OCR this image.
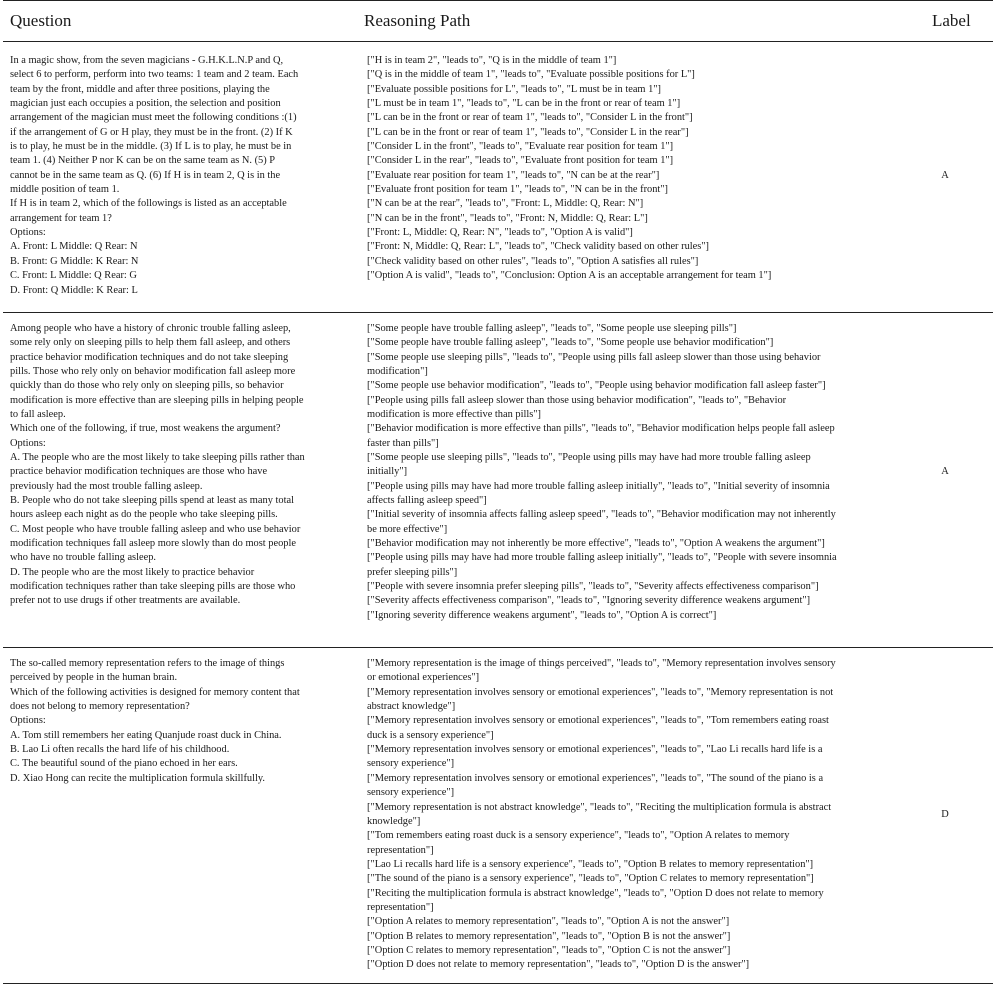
Question	Reasoning Path	Label
In a magic show, from the seven magicians - G.H.K.L.N.P and Q,
select 6 to perform, perform into two teams: 1 team and 2 team. Each
team by the front, middle and after three positions, playing the
magician just each occupies a position, the selection and position
arrangement of the magician must meet the following conditions :(1)
if the arrangement of G or H play, they must be in the front. (2) If K
is to play, he must be in the middle. (3) If L is to play, he must be in
team 1. (4) Neither P nor K can be on the same team as N. (5) P
cannot be in the same team as Q. (6) If H is in team 2, Q is in the
middle position of team 1.
If H is in team 2, which of the followings is listed as an acceptable
arrangement for team 1?
Options:
A. Front: L Middle: Q Rear: N
B. Front: G Middle: K Rear: N
C. Front: L Middle: Q Rear: G
D. Front: Q Middle: K Rear: L
["H is in team 2", "leads to", "Q is in the middle of team 1"]
["Q is in the middle of team 1", "leads to", "Evaluate possible positions for L"]
["Evaluate possible positions for L", "leads to", "L must be in team 1"]
["L must be in team 1", "leads to", "L can be in the front or rear of team 1"]
["L can be in the front or rear of team 1", "leads to", "Consider L in the front"]
["L can be in the front or rear of team 1", "leads to", "Consider L in the rear"]
["Consider L in the front", "leads to", "Evaluate rear position for team 1"]
["Consider L in the rear", "leads to", "Evaluate front position for team 1"]
["Evaluate rear position for team 1", "leads to", "N can be at the rear"]
["Evaluate front position for team 1", "leads to", "N can be in the front"]
["N can be at the rear", "leads to", "Front: L, Middle: Q, Rear: N"]
["N can be in the front", "leads to", "Front: N, Middle: Q, Rear: L"]
["Front: L, Middle: Q, Rear: N", "leads to", "Option A is valid"]
["Front: N, Middle: Q, Rear: L", "leads to", "Check validity based on other rules"]
["Check validity based on other rules", "leads to", "Option A satisfies all rules"]
["Option A is valid", "leads to", "Conclusion: Option A is an acceptable arrangement for team 1"]
A
Among people who have a history of chronic trouble falling asleep,
some rely only on sleeping pills to help them fall asleep, and others
practice behavior modification techniques and do not take sleeping
pills. Those who rely only on behavior modification fall asleep more
quickly than do those who rely only on sleeping pills, so behavior
modification is more effective than are sleeping pills in helping people
to fall asleep.
Which one of the following, if true, most weakens the argument?
Options:
A. The people who are the most likely to take sleeping pills rather than
practice behavior modification techniques are those who have
previously had the most trouble falling asleep.
B. People who do not take sleeping pills spend at least as many total
hours asleep each night as do the people who take sleeping pills.
C. Most people who have trouble falling asleep and who use behavior
modification techniques fall asleep more slowly than do most people
who have no trouble falling asleep.
D. The people who are the most likely to practice behavior
modification techniques rather than take sleeping pills are those who
prefer not to use drugs if other treatments are available.
["Some people have trouble falling asleep", "leads to", "Some people use sleeping pills"]
["Some people have trouble falling asleep", "leads to", "Some people use behavior modification"]
["Some people use sleeping pills", "leads to", "People using pills fall asleep slower than those using behavior
modification"]
["Some people use behavior modification", "leads to", "People using behavior modification fall asleep faster"]
["People using pills fall asleep slower than those using behavior modification", "leads to", "Behavior
modification is more effective than pills"]
["Behavior modification is more effective than pills", "leads to", "Behavior modification helps people fall asleep
faster than pills"]
["Some people use sleeping pills", "leads to", "People using pills may have had more trouble falling asleep
initially"]
["People using pills may have had more trouble falling asleep initially", "leads to", "Initial severity of insomnia
affects falling asleep speed"]
["Initial severity of insomnia affects falling asleep speed", "leads to", "Behavior modification may not inherently
be more effective"]
["Behavior modification may not inherently be more effective", "leads to", "Option A weakens the argument"]
["People using pills may have had more trouble falling asleep initially", "leads to", "People with severe insomnia
prefer sleeping pills"]
["People with severe insomnia prefer sleeping pills", "leads to", "Severity affects effectiveness comparison"]
["Severity affects effectiveness comparison", "leads to", "Ignoring severity difference weakens argument"]
["Ignoring severity difference weakens argument", "leads to", "Option A is correct"]
A
The so-called memory representation refers to the image of things
perceived by people in the human brain.
Which of the following activities is designed for memory content that
does not belong to memory representation?
Options:
A. Tom still remembers her eating Quanjude roast duck in China.
B. Lao Li often recalls the hard life of his childhood.
C. The beautiful sound of the piano echoed in her ears.
D. Xiao Hong can recite the multiplication formula skillfully.
["Memory representation is the image of things perceived", "leads to", "Memory representation involves sensory
or emotional experiences"]
["Memory representation involves sensory or emotional experiences", "leads to", "Memory representation is not
abstract knowledge"]
["Memory representation involves sensory or emotional experiences", "leads to", "Tom remembers eating roast
duck is a sensory experience"]
["Memory representation involves sensory or emotional experiences", "leads to", "Lao Li recalls hard life is a
sensory experience"]
["Memory representation involves sensory or emotional experiences", "leads to", "The sound of the piano is a
sensory experience"]
["Memory representation is not abstract knowledge", "leads to", "Reciting the multiplication formula is abstract
knowledge"]
["Tom remembers eating roast duck is a sensory experience", "leads to", "Option A relates to memory
representation"]
["Lao Li recalls hard life is a sensory experience", "leads to", "Option B relates to memory representation"]
["The sound of the piano is a sensory experience", "leads to", "Option C relates to memory representation"]
["Reciting the multiplication formula is abstract knowledge", "leads to", "Option D does not relate to memory
representation"]
["Option A relates to memory representation", "leads to", "Option A is not the answer"]
["Option B relates to memory representation", "leads to", "Option B is not the answer"]
["Option C relates to memory representation", "leads to", "Option C is not the answer"]
["Option D does not relate to memory representation", "leads to", "Option D is the answer"]
D
